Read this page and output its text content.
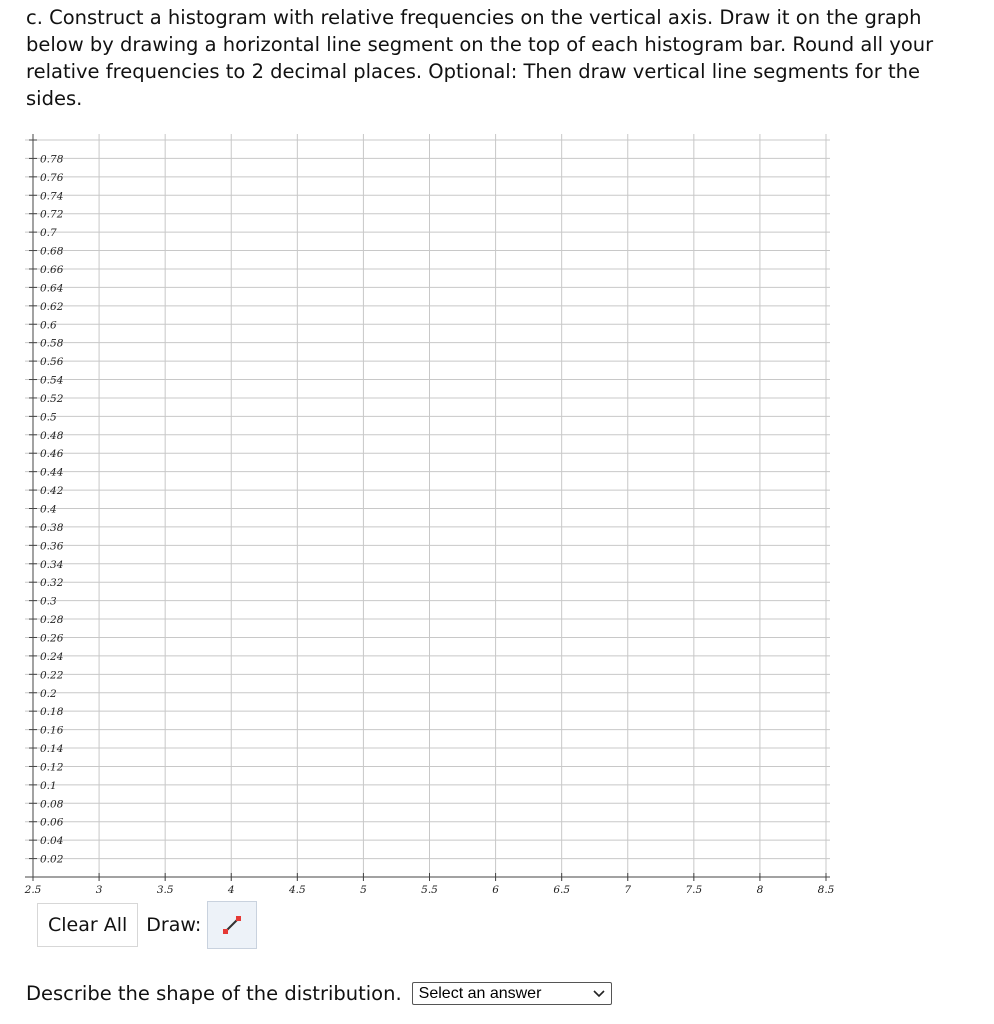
c. Construct a histogram with relative frequencies on the vertical axis. Draw it on the graph below by drawing a horizontal line segment on the top of each histogram bar. Round all your relative frequencies to 2 decimal places. Optional: Then draw vertical line segments for the sides.
0.78
0.76
0.74
0.72
0.7
0.68
0.66
0.64
0.62
0.6
0.58
0.56
0.54
0.52
0.5
0.48
0.46
0.44
0.42
0.4
0.38
0.36
0.34
0.32
0.3
0.28
0.26
0.24
0.22
0.2
0.18
0.16
0.14
0.12
0.1
0.08
0.06
0.04
0.02
2.5	3	3.5	4	4.5	5	5.5	6	6.5	7	7.5	8	8.5
Clear All	Draw:
Describe the shape of the distribution. Select an answer
